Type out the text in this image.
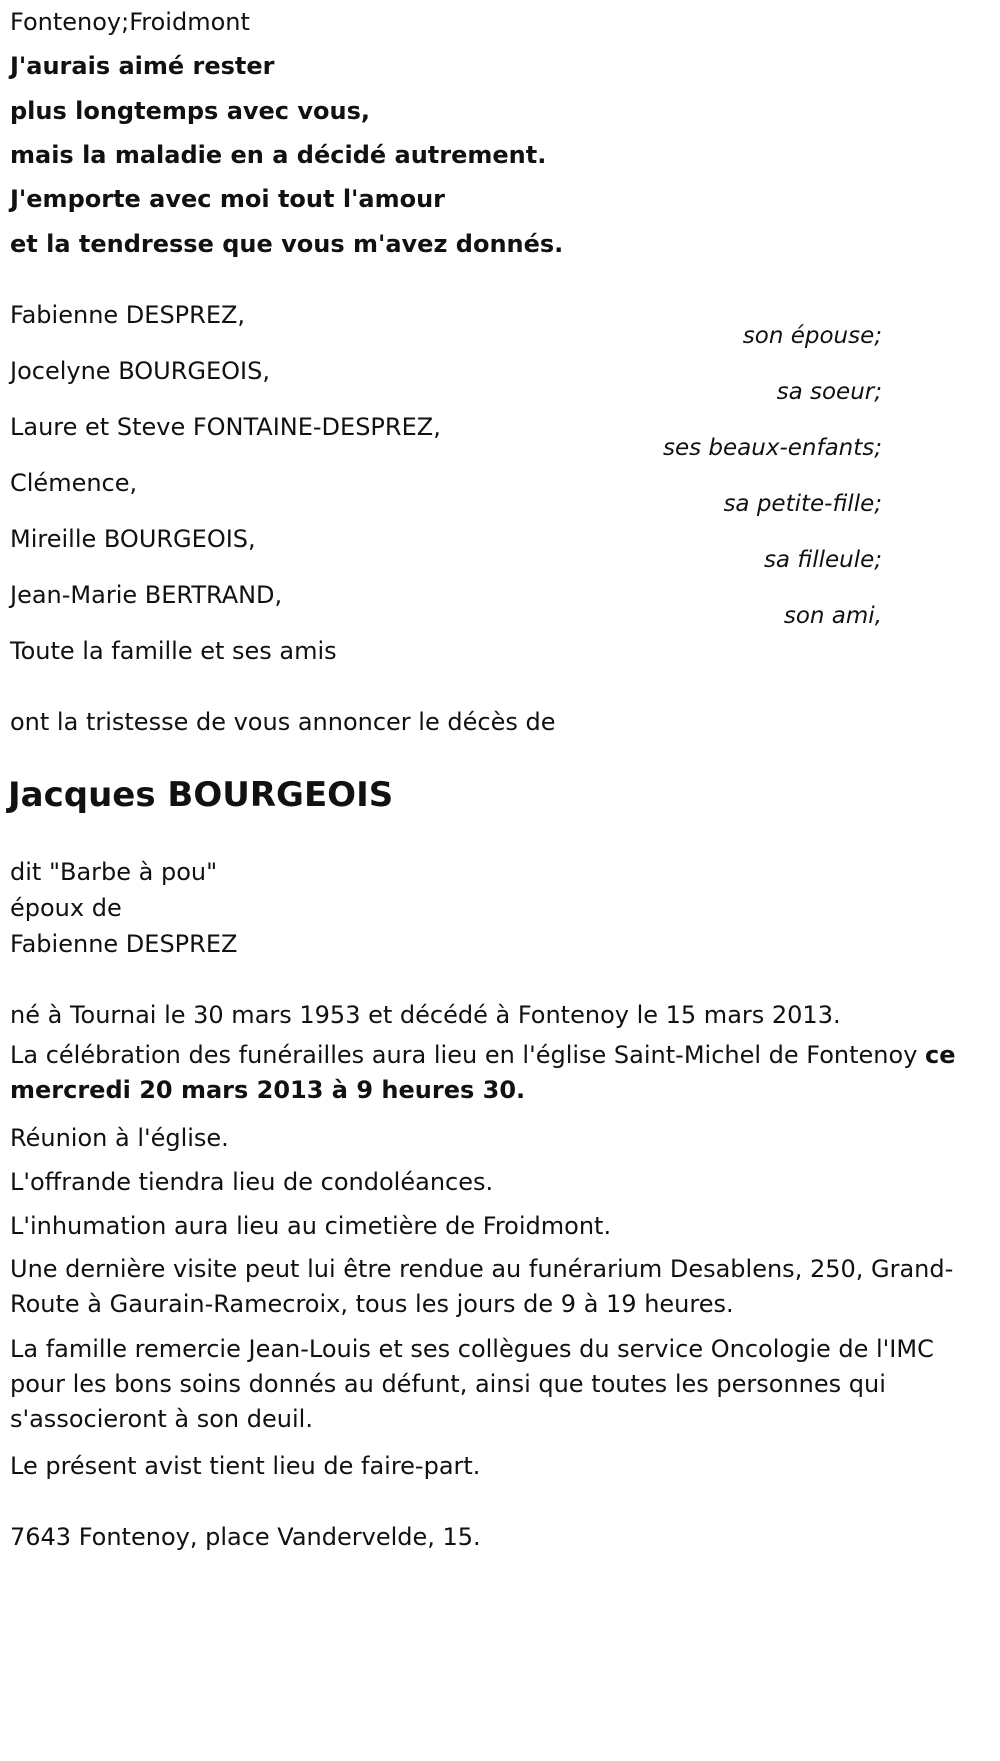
Fontenoy;Froidmont

J'aurais aimé rester

plus longtemps avec vous,

mais la maladie en a décidé autrement.

J'emporte avec moi tout l'amour

et la tendresse que vous m'avez donnés.

Fabienne DESPREZ,

son épouse;

Jocelyne BOURGEOIS,

sa soeur;

Laure et Steve FONTAINE-DESPREZ,

ses beaux-enfants;

Clémence,

sa petite-fille;

Mireille BOURGEOIS,

sa filleule;

Jean-Marie BERTRAND,

son ami,

Toute la famille et ses amis

ont la tristesse de vous annoncer le décès de

Jacques BOURGEOIS

dit "Barbe à pou"

époux de

Fabienne DESPREZ

né à Tournai le 30 mars 1953 et décédé à Fontenoy le 15 mars 2013.

La célébration des funérailles aura lieu en l'église Saint-Michel de Fontenoy ce mercredi 20 mars 2013 à 9 heures 30.

Réunion à l'église.

L'offrande tiendra lieu de condoléances.

L'inhumation aura lieu au cimetière de Froidmont.

Une dernière visite peut lui être rendue au funérarium Desablens, 250, Grand-Route à Gaurain-Ramecroix, tous les jours de 9 à 19 heures.

La famille remercie Jean-Louis et ses collègues du service Oncologie de l'IMC pour les bons soins donnés au défunt, ainsi que toutes les personnes qui s'associeront à son deuil.

Le présent avist tient lieu de faire-part.

7643 Fontenoy, place Vandervelde, 15.
